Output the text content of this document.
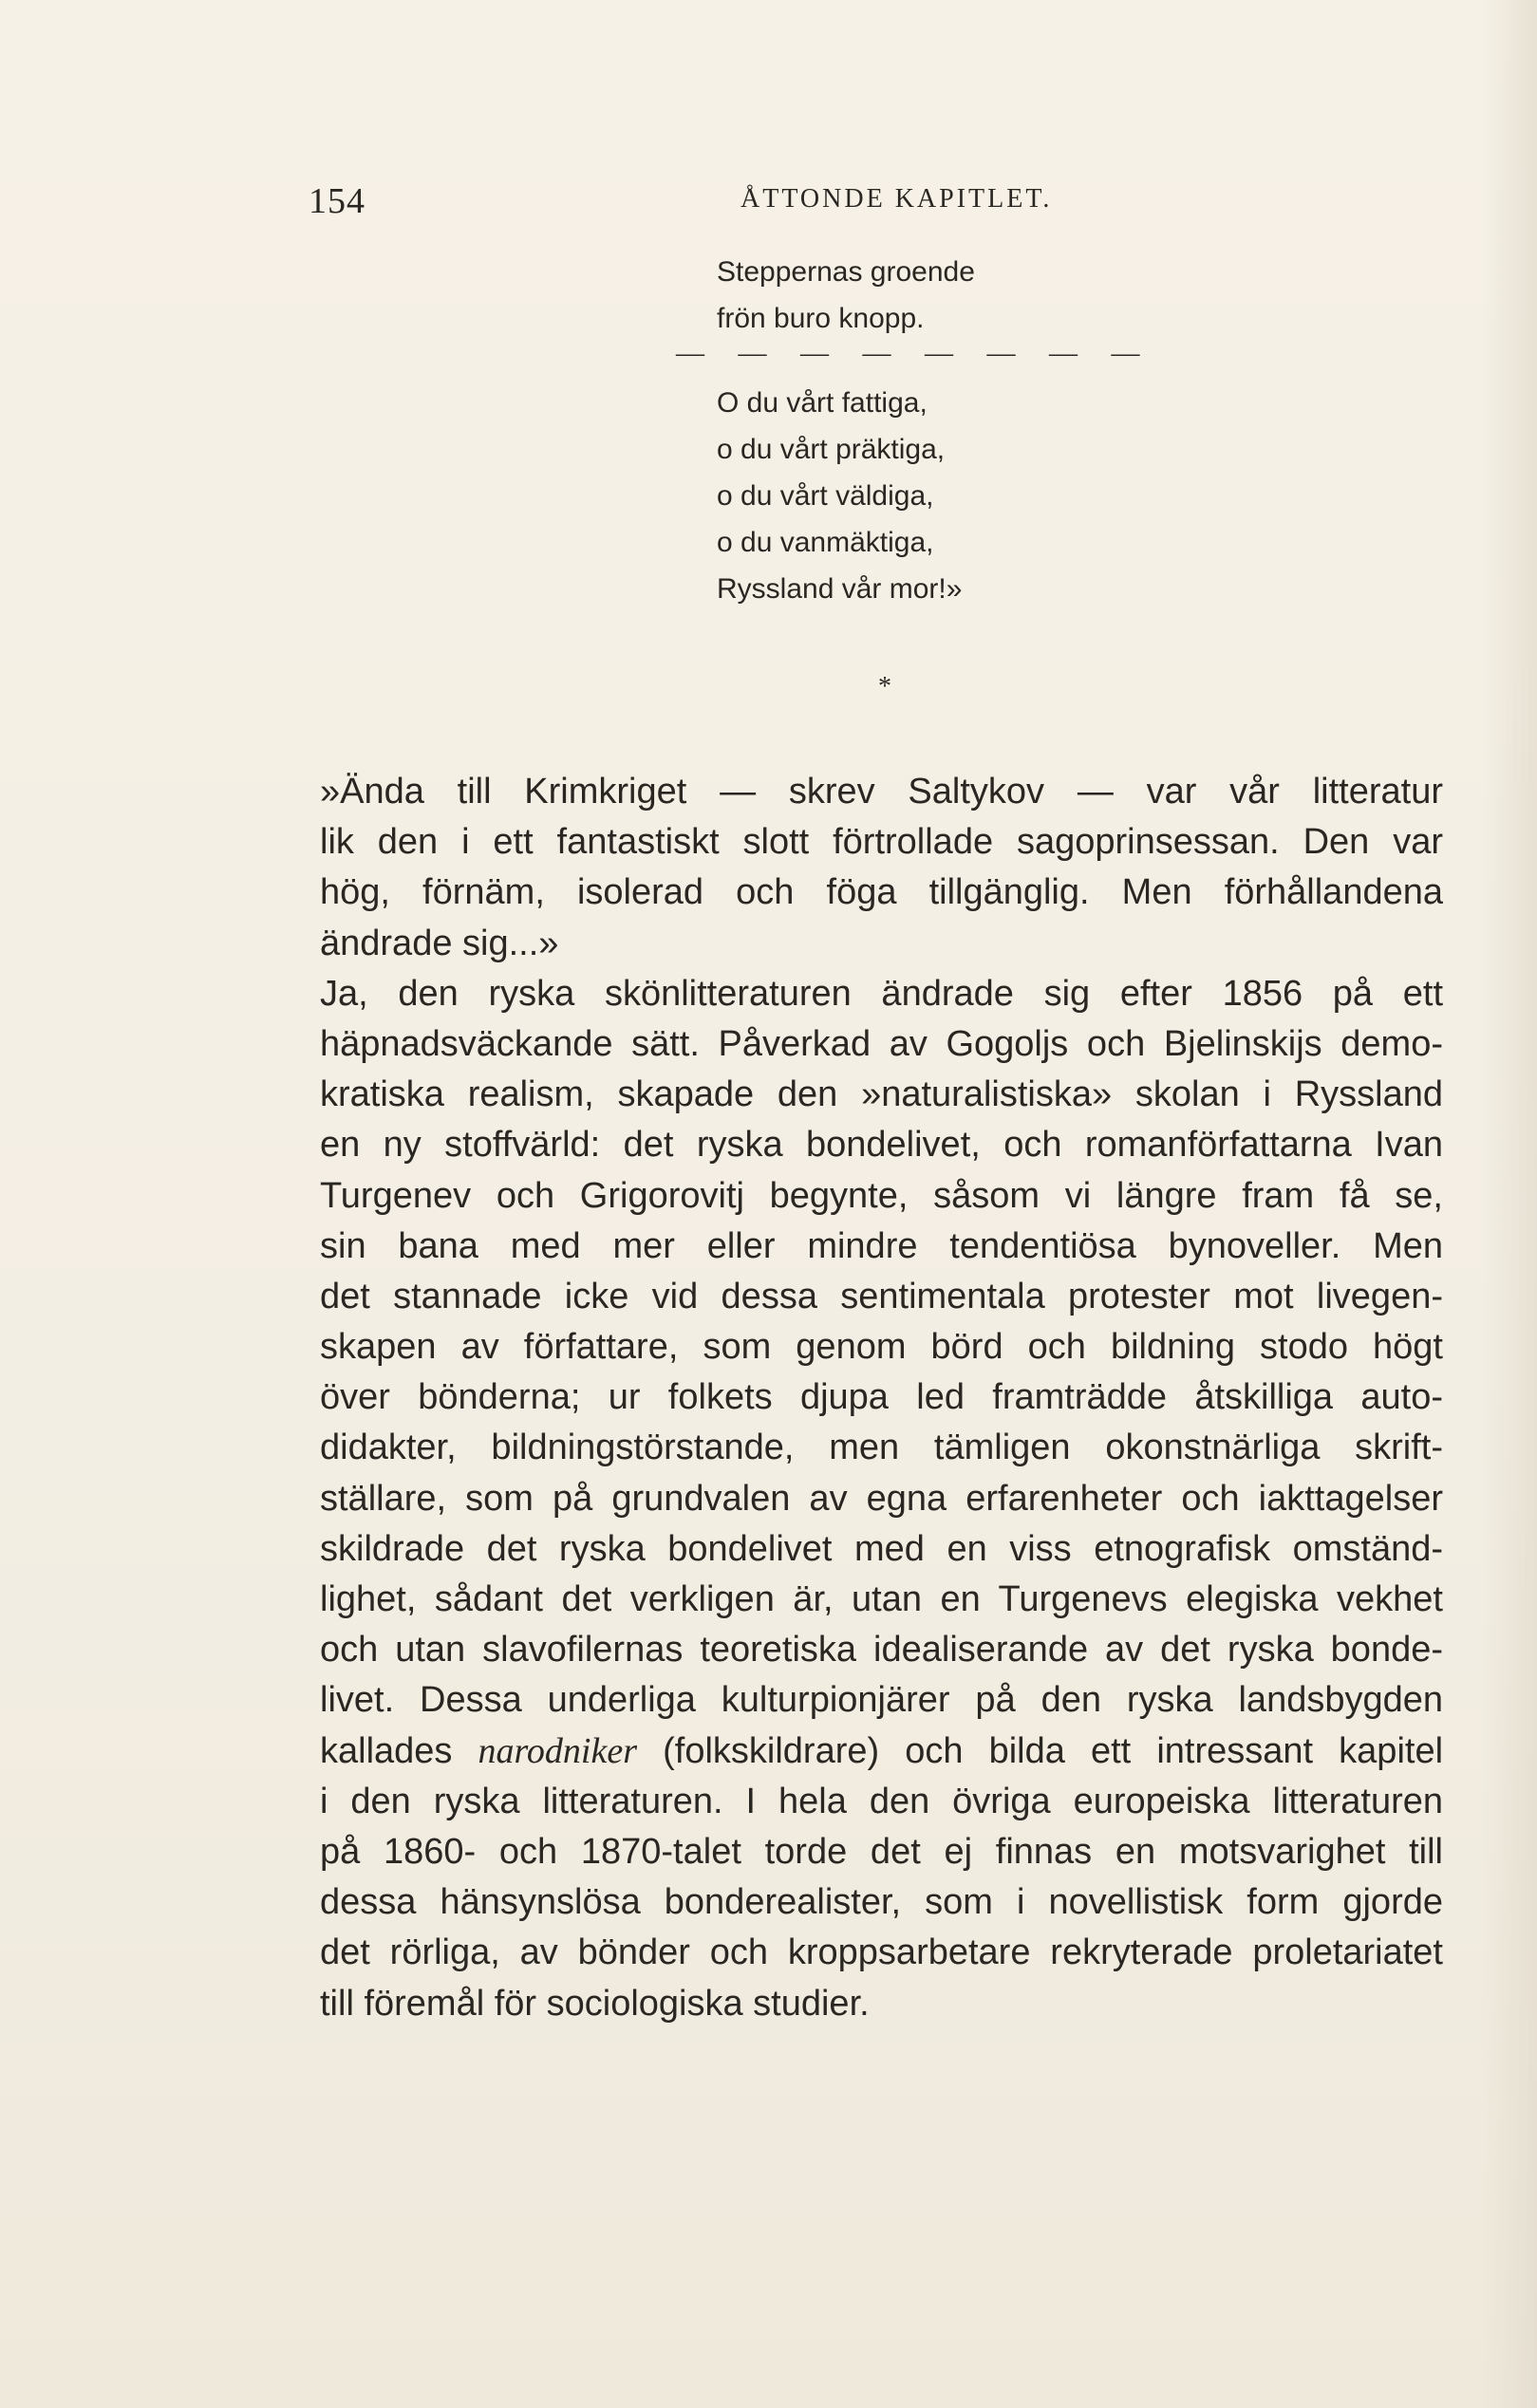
154	ÅTTONDE KAPITLET.
Steppernas groende
frön buro knopp.
— — — — — — — —
O du vårt fattiga,
o du vårt präktiga,
o du vårt väldiga,
o du vanmäktiga,
Ryssland vår mor!»
*
»Ända till Krimkriget — skrev Saltykov — var vår litteratur
lik den i ett fantastiskt slott förtrollade sagoprinsessan. Den var
hög, förnäm, isolerad och föga tillgänglig. Men förhållandena
ändrade sig...»
Ja, den ryska skönlitteraturen ändrade sig efter 1856 på ett
häpnadsväckande sätt. Påverkad av Gogoljs och Bjelinskijs demo-
kratiska realism, skapade den »naturalistiska» skolan i Ryssland
en ny stoffvärld: det ryska bondelivet, och romanförfattarna Ivan
Turgenev och Grigorovitj begynte, såsom vi längre fram få se,
sin bana med mer eller mindre tendentiösa bynoveller. Men
det stannade icke vid dessa sentimentala protester mot livegen-
skapen av författare, som genom börd och bildning stodo högt
över bönderna; ur folkets djupa led framträdde åtskilliga auto-
didakter, bildningstörstande, men tämligen okonstnärliga skrift-
ställare, som på grundvalen av egna erfarenheter och iakttagelser
skildrade det ryska bondelivet med en viss etnografisk omständ-
lighet, sådant det verkligen är, utan en Turgenevs elegiska vekhet
och utan slavofilernas teoretiska idealiserande av det ryska bonde-
livet. Dessa underliga kulturpionjärer på den ryska landsbygden
kallades narodniker (folkskildrare) och bilda ett intressant kapitel
i den ryska litteraturen. I hela den övriga europeiska litteraturen
på 1860- och 1870-talet torde det ej finnas en motsvarighet till
dessa hänsynslösa bonderealister, som i novellistisk form gjorde
det rörliga, av bönder och kroppsarbetare rekryterade proletariatet
till föremål för sociologiska studier.
